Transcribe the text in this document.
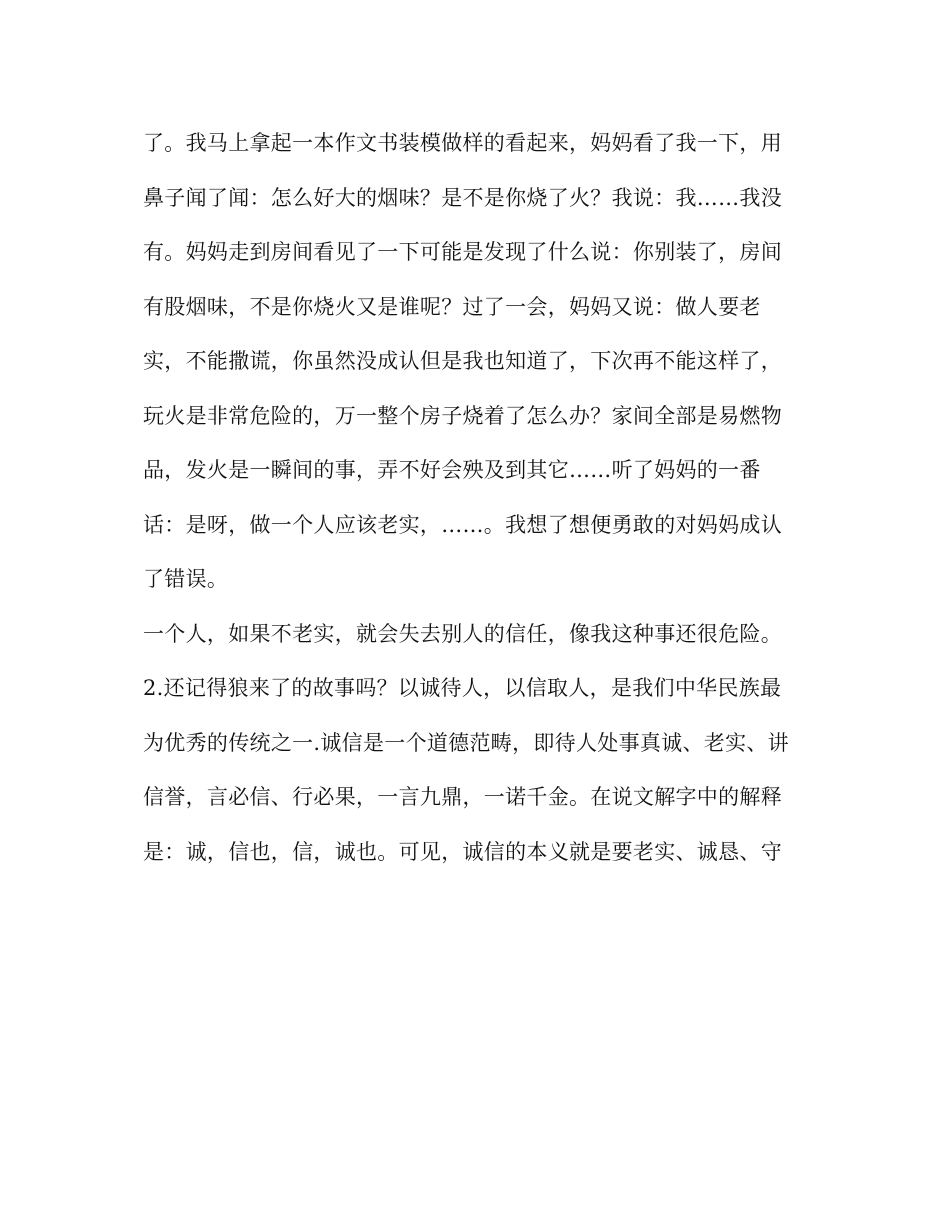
了。我马上拿起一本作文书装模做样的看起来，妈妈看了我一下，用
鼻子闻了闻：怎么好大的烟味？是不是你烧了火？我说：我……我没
有。妈妈走到房间看见了一下可能是发现了什么说：你别装了，房间
有股烟味，不是你烧火又是谁呢？过了一会，妈妈又说：做人要老
实，不能撒谎，你虽然没成认但是我也知道了，下次再不能这样了，
玩火是非常危险的，万一整个房子烧着了怎么办？家间全部是易燃物
品，发火是一瞬间的事，弄不好会殃及到其它……听了妈妈的一番
话：是呀，做一个人应该老实，……。我想了想便勇敢的对妈妈成认
了错误。
一个人，如果不老实，就会失去别人的信任，像我这种事还很危险。
2.还记得狼来了的故事吗？以诚待人，以信取人，是我们中华民族最
为优秀的传统之一.诚信是一个道德范畴，即待人处事真诚、老实、讲
信誉，言必信、行必果，一言九鼎，一诺千金。在说文解字中的解释
是：诚，信也，信，诚也。可见，诚信的本义就是要老实、诚恳、守
